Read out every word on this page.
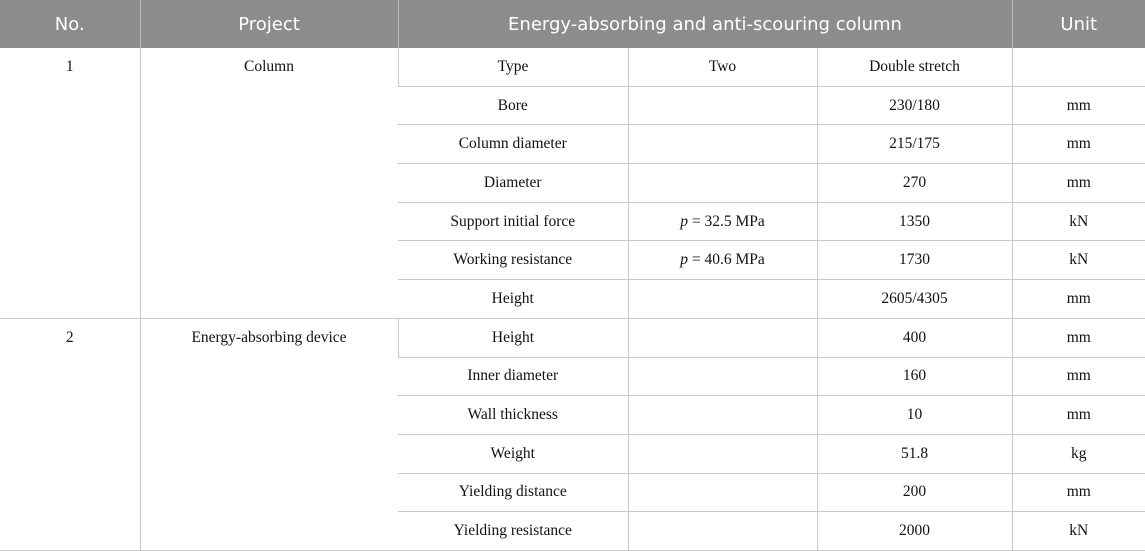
No.	Project	Energy-absorbing and anti-scouring column			Unit
1	Column	Type	Two	Double stretch	
		Bore		230/180	mm
		Column diameter		215/175	mm
		Diameter		270	mm
		Support initial force	p = 32.5 MPa	1350	kN
		Working resistance	p = 40.6 MPa	1730	kN
		Height		2605/4305	mm
2	Energy-absorbing device	Height		400	mm
		Inner diameter		160	mm
		Wall thickness		10	mm
		Weight		51.8	kg
		Yielding distance		200	mm
		Yielding resistance		2000	kN
